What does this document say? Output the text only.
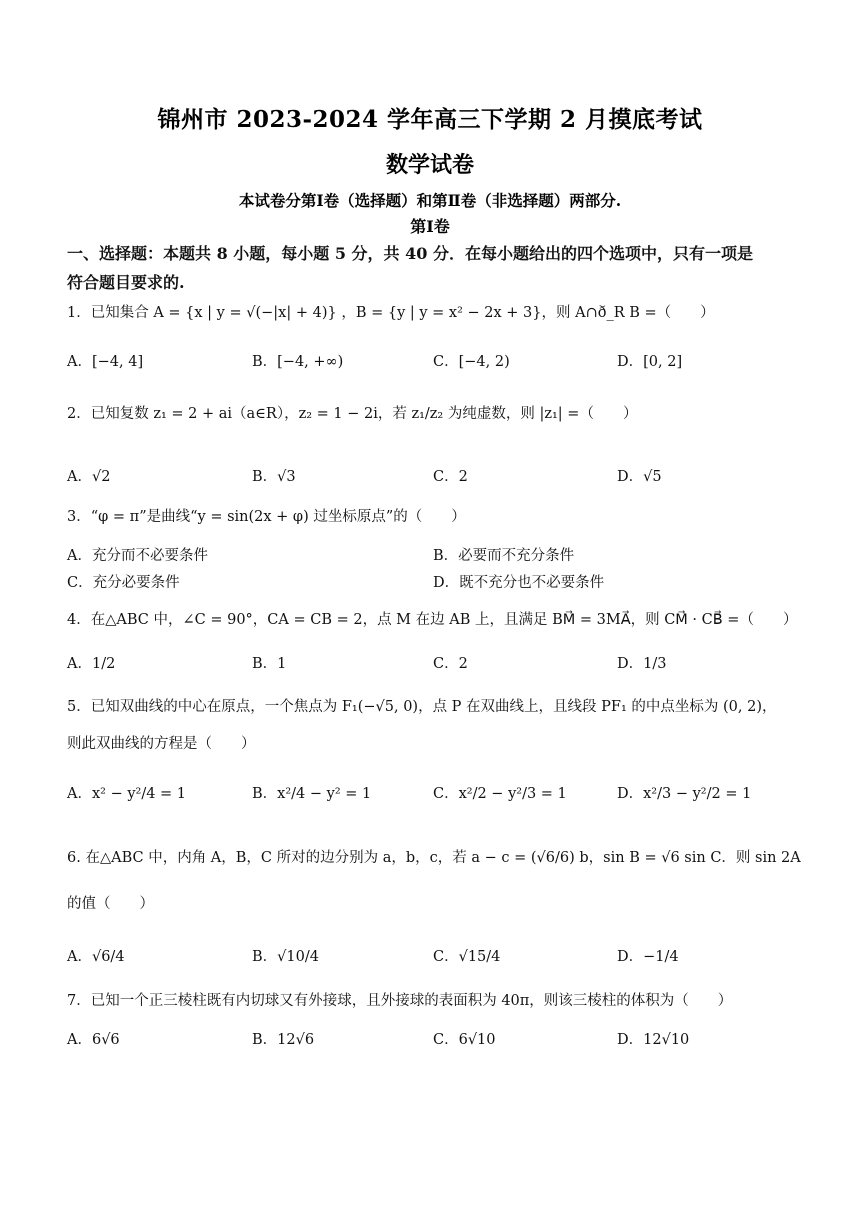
锦州市 2023-2024 学年高三下学期 2 月摸底考试
数学试卷
本试卷分第Ⅰ卷（选择题）和第Ⅱ卷（非选择题）两部分.
第Ⅰ卷
一、选择题：本题共 8 小题，每小题 5 分，共 40 分．在每小题给出的四个选项中，只有一项是
符合题目要求的.
1．已知集合 A = {x | y = √(−|x| + 4)} ，B = {y | y = x² − 2x + 3}，则 A∩ð_R B =（　　）
A．[−4, 4]	B．[−4, +∞)	C．[−4, 2)	D．[0, 2]
2．已知复数 z₁ = 2 + ai（a∈R），z₂ = 1 − 2i，若 z₁/z₂ 为纯虚数，则 |z₁| =（　　）
A．√2	B．√3	C．2	D．√5
3．“φ = π”是曲线“y = sin(2x + φ) 过坐标原点”的（　　）
A．充分而不必要条件	B．必要而不充分条件
C．充分必要条件	D．既不充分也不必要条件
4．在△ABC 中，∠C = 90°，CA = CB = 2，点 M 在边 AB 上，且满足 BM⃗ = 3MA⃗，则 CM⃗ · CB⃗ =（　　）
A．1/2	B．1	C．2	D．1/3
5．已知双曲线的中心在原点，一个焦点为 F₁(−√5, 0)，点 P 在双曲线上，且线段 PF₁ 的中点坐标为 (0, 2)，
则此双曲线的方程是（　　）
A．x² − y²/4 = 1	B．x²/4 − y² = 1	C．x²/2 − y²/3 = 1	D．x²/3 − y²/2 = 1
6. 在△ABC 中，内角 A，B，C 所对的边分别为 a，b，c，若 a − c = (√6/6) b，sin B = √6 sin C．则 sin 2A
的值（　　）
A．√6/4	B．√10/4	C．√15/4	D．−1/4
7．已知一个正三棱柱既有内切球又有外接球，且外接球的表面积为 40π，则该三棱柱的体积为（　　）
A．6√6	B．12√6	C．6√10	D．12√10
